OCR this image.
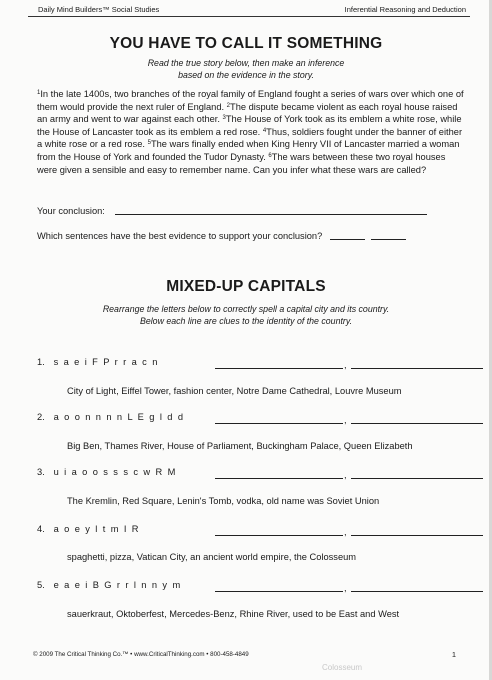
Daily Mind Builders™ Social Studies	Inferential Reasoning and Deduction
YOU HAVE TO CALL IT SOMETHING
Read the true story below, then make an inference
based on the evidence in the story.
$^1$In the late 1400s, two branches of the royal family of England fought a series of wars over which one of them would provide the next ruler of England. $^2$The dispute became violent as each royal house raised an army and went to war against each other. $^3$The House of York took as its emblem a white rose, while the House of Lancaster took as its emblem a red rose. $^4$Thus, soldiers fought under the banner of either a white rose or a red rose. $^5$The wars finally ended when King Henry VII of Lancaster married a woman from the House of York and founded the Tudor Dynasty. $^6$The wars between these two royal houses were given a sensible and easy to remember name. Can you infer what these wars are called?
Your conclusion:
Which sentences have the best evidence to support your conclusion?
MIXED-UP CAPITALS
Rearrange the letters below to correctly spell a capital city and its country.
Below each line are clues to the identity of the country.
1. s a e i F P r r a c n	,
City of Light, Eiffel Tower, fashion center, Notre Dame Cathedral, Louvre Museum
2. a o o n n n n L E g l d d	,
Big Ben, Thames River, House of Parliament, Buckingham Palace, Queen Elizabeth
3. u i a o o s s s c w R M	,
The Kremlin, Red Square, Lenin's Tomb, vodka, old name was Soviet Union
4. a o e y l t m I R	,
spaghetti, pizza, Vatican City, an ancient world empire, the Colosseum
5. e a e i B G r r l n n y m	,
sauerkraut, Oktoberfest, Mercedes-Benz, Rhine River, used to be East and West
© 2009 The Critical Thinking Co.™ • www.CriticalThinking.com • 800-458-4849	1
Colosseum
